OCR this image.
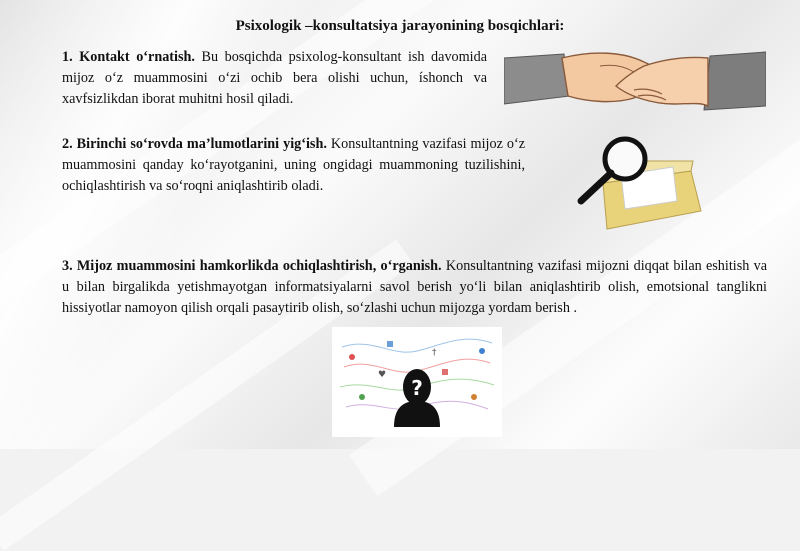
Psixologik –konsultatsiya jarayonining bosqichlari:

1. Kontakt o‘rnatish. Bu bosqichda psixolog-konsultant ish davomida mijoz o‘z muammosini o‘zi ochib bera olishi uchun, íshonch va xavfsizlikdan iborat muhitni hosil qiladi.

2. Birinchi so‘rovda ma’lumotlarini yig‘ish. Konsultantning vazifasi mijoz o‘z muammosini qanday ko‘rayotganini, uning ongidagi muammoning tuzilishini, ochiqlashtirish va so‘roqni aniqlashtirib oladi.

3. Mijoz muammosini hamkorlikda ochiqlashtirish, o‘rganish. Konsultantning vazifasi mijozni diqqat bilan eshitish va u bilan birgalikda yetishmayotgan informatsiyalarni savol berish yo‘li bilan aniqlashtirib olish, emotsional tanglikni hissiyotlar namoyon qilish orqali pasaytirib olish, so‘zlashi uchun mijozga yordam berish .

†
♥
?
